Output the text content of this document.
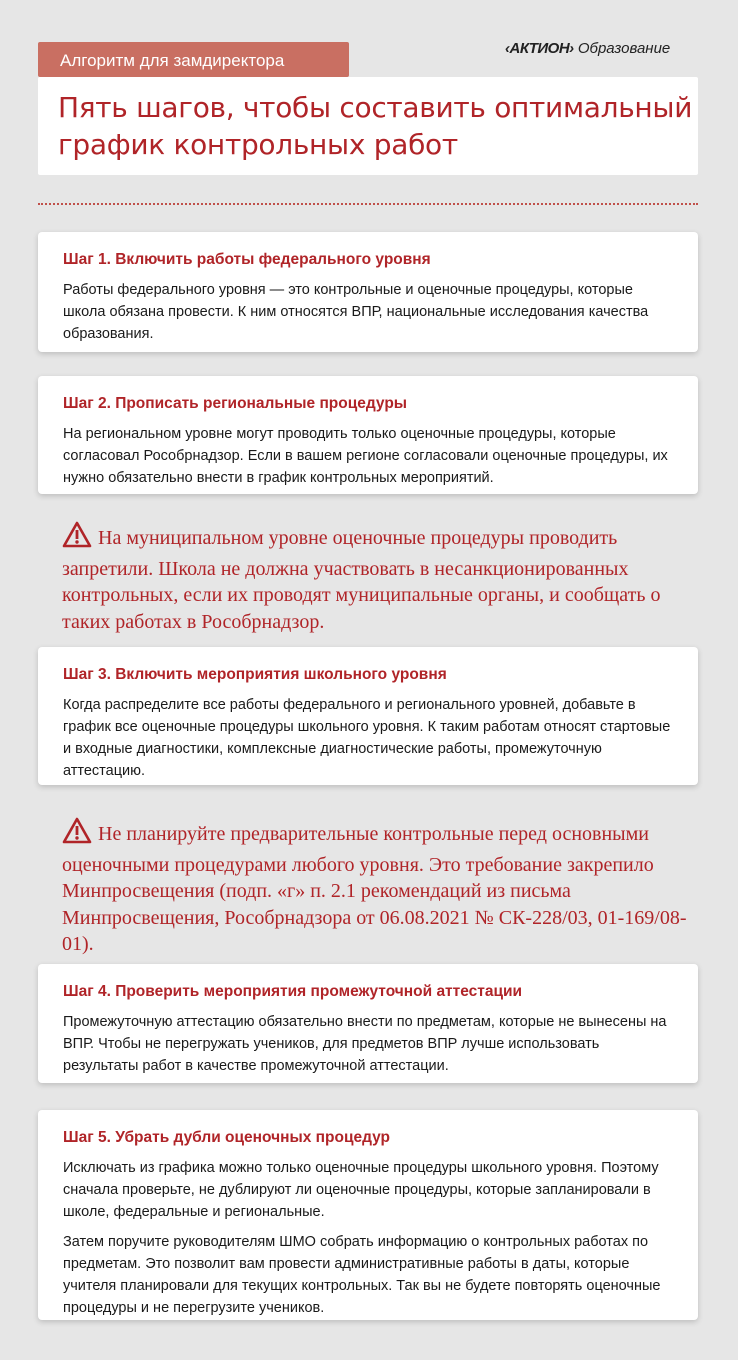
Алгоритм для замдиректора
‹АКТИОН› Образование
Пять шагов, чтобы составить оптимальный график контрольных работ
Шаг 1. Включить работы федерального уровня

Работы федерального уровня — это контрольные и оценочные процедуры, которые школа обязана провести. К ним относятся ВПР, национальные исследования качества образования.

Шаг 2. Прописать региональные процедуры

На региональном уровне могут проводить только оценочные процедуры, которые согласовал Рособрнадзор. Если в вашем регионе согласовали оценочные процедуры, их нужно обязательно внести в график контрольных мероприятий.

На муниципальном уровне оценочные процедуры проводить запретили. Школа не должна участвовать в несанкционированных контрольных, если их проводят муниципальные органы, и сообщать о таких работах в Рособрнадзор.
Шаг 3. Включить мероприятия школьного уровня

Когда распределите все работы федерального и регионального уровней, добавьте в график все оценочные процедуры школьного уровня. К таким работам относят стартовые и входные диагностики, комплексные диагностические работы, промежуточную аттестацию.

Не планируйте предварительные контрольные перед основными оценочными процедурами любого уровня. Это требование закрепило Минпросвещения (подп. «г» п. 2.1 рекомендаций из письма Минпросвещения, Рособрнадзора от 06.08.2021 № СК-228/03, 01-169/08-01).
Шаг 4. Проверить мероприятия промежуточной аттестации

Промежуточную аттестацию обязательно внести по предметам, которые не вынесены на ВПР. Чтобы не перегружать учеников, для предметов ВПР лучше использовать результаты работ в качестве промежуточной аттестации.

Шаг 5. Убрать дубли оценочных процедур

Исключать из графика можно только оценочные процедуры школьного уровня. Поэтому сначала проверьте, не дублируют ли оценочные процедуры, которые запланировали в школе, федеральные и региональные.

Затем поручите руководителям ШМО собрать информацию о контрольных работах по предметам. Это позволит вам провести административные работы в даты, которые учителя планировали для текущих контрольных. Так вы не будете повторять оценочные процедуры и не перегрузите учеников.
